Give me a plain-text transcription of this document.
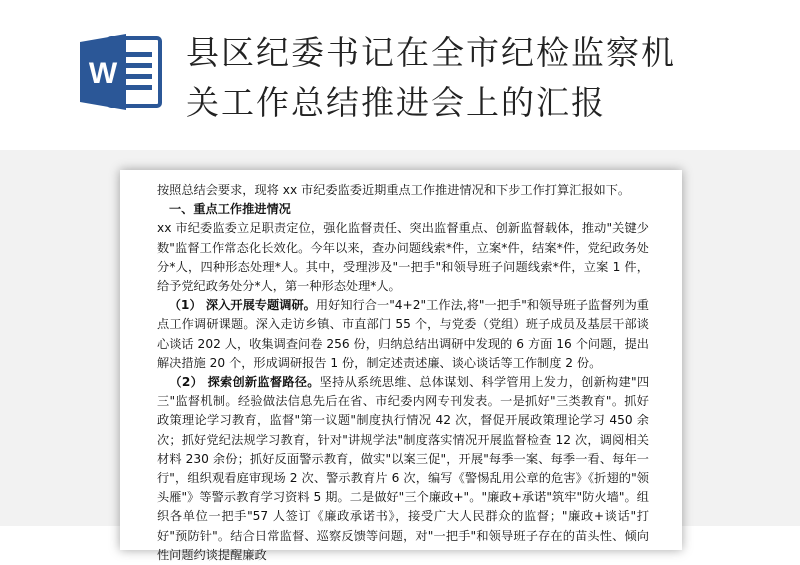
W
县区纪委书记在全市纪检监察机
关工作总结推进会上的汇报

按照总结会要求，现将 xx 市纪委监委近期重点工作推进情况和下步工作打算汇报如下。

一、重点工作推进情况

xx 市纪委监委立足职责定位，强化监督责任、突出监督重点、创新监督载体，推动"关键少数"监督工作常态化长效化。今年以来，查办问题线索*件，立案*件，结案*件，党纪政务处分*人，四种形态处理*人。其中，受理涉及"一把手"和领导班子问题线索*件，立案 1 件，给予党纪政务处分*人，第一种形态处理*人。

（1） 深入开展专题调研。用好知行合一"4+2"工作法,将"一把手"和领导班子监督列为重点工作调研课题。深入走访乡镇、市直部门 55 个，与党委（党组）班子成员及基层干部谈心谈话 202 人，收集调查问卷 256 份，归纳总结出调研中发现的 6 方面 16 个问题，提出解决措施 20 个，形成调研报告 1 份，制定述责述廉、谈心谈话等工作制度 2 份。

（2） 探索创新监督路径。坚持从系统思维、总体谋划、科学管用上发力，创新构建"四三"监督机制。经验做法信息先后在省、市纪委内网专刊发表。一是抓好"三类教育"。抓好政策理论学习教育，监督"第一议题"制度执行情况 42 次，督促开展政策理论学习 450 余次；抓好党纪法规学习教育，针对"讲规学法"制度落实情况开展监督检查 12 次，调阅相关材料 230 余份；抓好反面警示教育，做实"以案三促"，开展"每季一案、每季一看、每年一行"，组织观看庭审现场 2 次、警示教育片 6 次，编写《警惕乱用公章的危害》《折翅的"领头雁"》等警示教育学习资料 5 期。二是做好"三个廉政+"。"廉政+承诺"筑牢"防火墙"。组织各单位一把手"57 人签订《廉政承诺书》，接受广大人民群众的监督；"廉政+谈话"打好"预防针"。结合日常监督、巡察反馈等问题，对"一把手"和领导班子存在的苗头性、倾向性问题约谈提醒廉政
